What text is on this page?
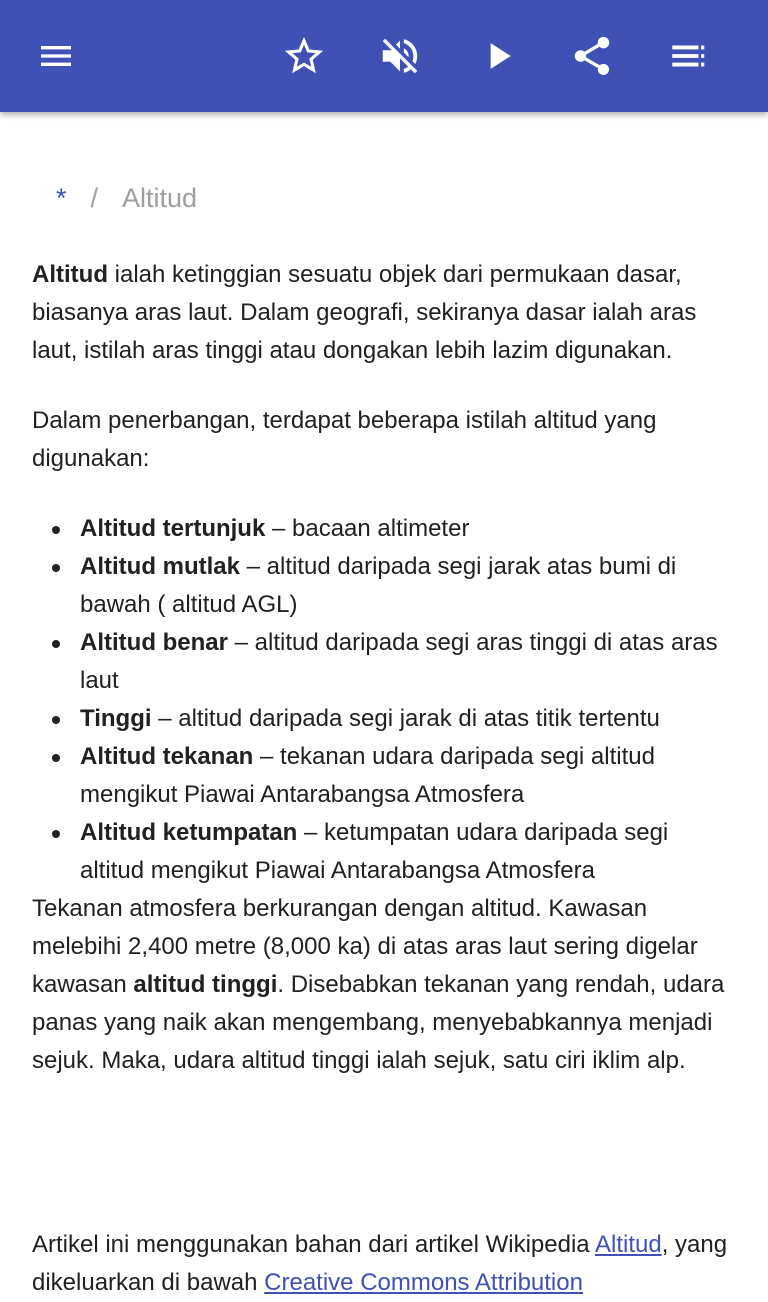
* / Altitud

Altitud ialah ketinggian sesuatu objek dari permukaan dasar, biasanya aras laut. Dalam geografi, sekiranya dasar ialah aras laut, istilah aras tinggi atau dongakan lebih lazim digunakan.

Dalam penerbangan, terdapat beberapa istilah altitud yang digunakan:

Altitud tertunjuk – bacaan altimeter
Altitud mutlak – altitud daripada segi jarak atas bumi di bawah ( altitud AGL)
Altitud benar – altitud daripada segi aras tinggi di atas aras laut
Tinggi – altitud daripada segi jarak di atas titik tertentu
Altitud tekanan – tekanan udara daripada segi altitud mengikut Piawai Antarabangsa Atmosfera
Altitud ketumpatan – ketumpatan udara daripada segi altitud mengikut Piawai Antarabangsa Atmosfera

Tekanan atmosfera berkurangan dengan altitud. Kawasan melebihi 2,400 metre (8,000 ka) di atas aras laut sering digelar kawasan altitud tinggi. Disebabkan tekanan yang rendah, udara panas yang naik akan mengembang, menyebabkannya menjadi sejuk. Maka, udara altitud tinggi ialah sejuk, satu ciri iklim alp.

Artikel ini menggunakan bahan dari artikel Wikipedia Altitud, yang dikeluarkan di bawah Creative Commons Attribution
